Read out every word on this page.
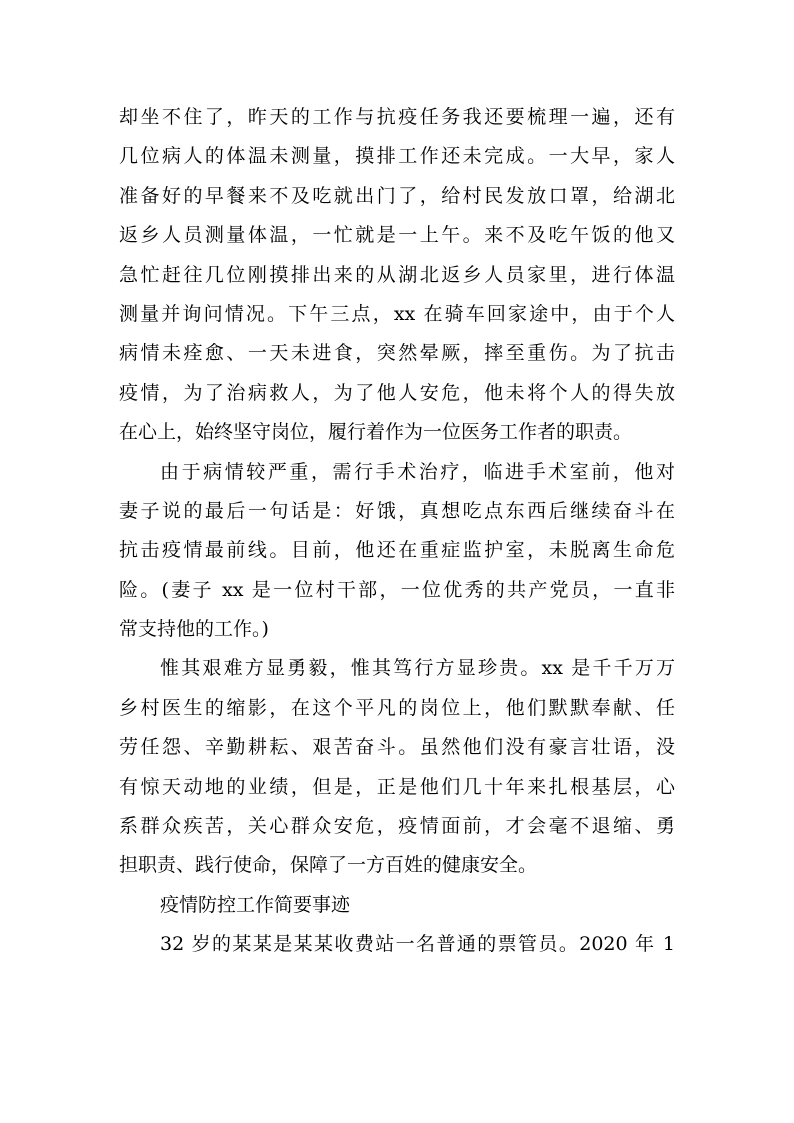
却坐不住了，昨天的工作与抗疫任务我还要梳理一遍，还有
几位病人的体温未测量，摸排工作还未完成。一大早，家人
准备好的早餐来不及吃就出门了，给村民发放口罩，给湖北
返乡人员测量体温，一忙就是一上午。来不及吃午饭的他又
急忙赶往几位刚摸排出来的从湖北返乡人员家里，进行体温
测量并询问情况。下午三点，xx 在骑车回家途中，由于个人
病情未痊愈、一天未进食，突然晕厥，摔至重伤。为了抗击
疫情，为了治病救人，为了他人安危，他未将个人的得失放
在心上，始终坚守岗位，履行着作为一位医务工作者的职责。
由于病情较严重，需行手术治疗，临进手术室前，他对
妻子说的最后一句话是：好饿，真想吃点东西后继续奋斗在
抗击疫情最前线。目前，他还在重症监护室，未脱离生命危
险。(妻子 xx 是一位村干部，一位优秀的共产党员，一直非
常支持他的工作。)
惟其艰难方显勇毅，惟其笃行方显珍贵。xx 是千千万万
乡村医生的缩影，在这个平凡的岗位上，他们默默奉献、任
劳任怨、辛勤耕耘、艰苦奋斗。虽然他们没有豪言壮语，没
有惊天动地的业绩，但是，正是他们几十年来扎根基层，心
系群众疾苦，关心群众安危，疫情面前，才会毫不退缩、勇
担职责、践行使命，保障了一方百姓的健康安全。
疫情防控工作简要事迹
32 岁的某某是某某收费站一名普通的票管员。2020 年 1
